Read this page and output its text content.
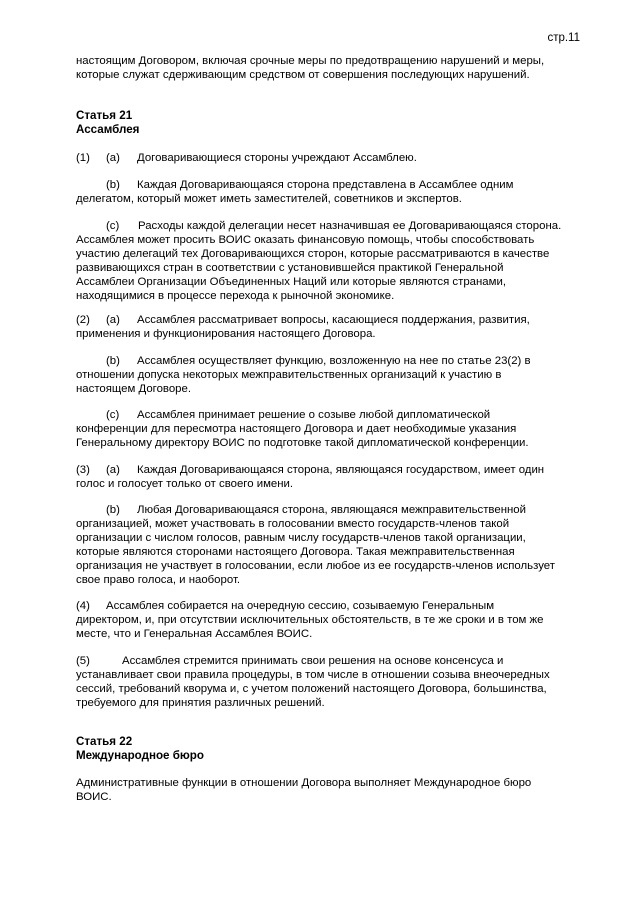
стр.11
настоящим Договором, включая срочные меры по предотвращению нарушений и меры,
которые служат сдерживающим средством от совершения последующих нарушений.
Статья 21
Ассамблея
(1) (a) Договаривающиеся стороны учреждают Ассамблею.
(b) Каждая Договаривающаяся сторона представлена в Ассамблее одним
делегатом, который может иметь заместителей, советников и экспертов.
(c) Расходы каждой делегации несет назначившая ее Договаривающаяся сторона.
Ассамблея может просить ВОИС оказать финансовую помощь, чтобы способствовать
участию делегаций тех Договаривающихся сторон, которые рассматриваются в качестве
развивающихся стран в соответствии с установившейся практикой Генеральной
Ассамблеи Организации Объединенных Наций или которые являются странами,
находящимися в процессе перехода к рыночной экономике.
(2) (a) Ассамблея рассматривает вопросы, касающиеся поддержания, развития,
применения и функционирования настоящего Договора.
(b) Ассамблея осуществляет функцию, возложенную на нее по статье 23(2) в
отношении допуска некоторых межправительственных организаций к участию в
настоящем Договоре.
(c) Ассамблея принимает решение о созыве любой дипломатической
конференции для пересмотра настоящего Договора и дает необходимые указания
Генеральному директору ВОИС по подготовке такой дипломатической конференции.
(3) (a) Каждая Договаривающаяся сторона, являющаяся государством, имеет один
голос и голосует только от своего имени.
(b) Любая Договаривающаяся сторона, являющаяся межправительственной
организацией, может участвовать в голосовании вместо государств-членов такой
организации с числом голосов, равным числу государств-членов такой организации,
которые являются сторонами настоящего Договора. Такая межправительственная
организация не участвует в голосовании, если любое из ее государств-членов использует
свое право голоса, и наоборот.
(4) Ассамблея собирается на очередную сессию, созываемую Генеральным
директором, и, при отсутствии исключительных обстоятельств, в те же сроки и в том же
месте, что и Генеральная Ассамблея ВОИС.
(5)	Ассамблея стремится принимать свои решения на основе консенсуса и
устанавливает свои правила процедуры, в том числе в отношении созыва внеочередных
сессий, требований кворума и, с учетом положений настоящего Договора, большинства,
требуемого для принятия различных решений.
Статья 22
Международное бюро
Административные функции в отношении Договора выполняет Международное бюро
ВОИС.
